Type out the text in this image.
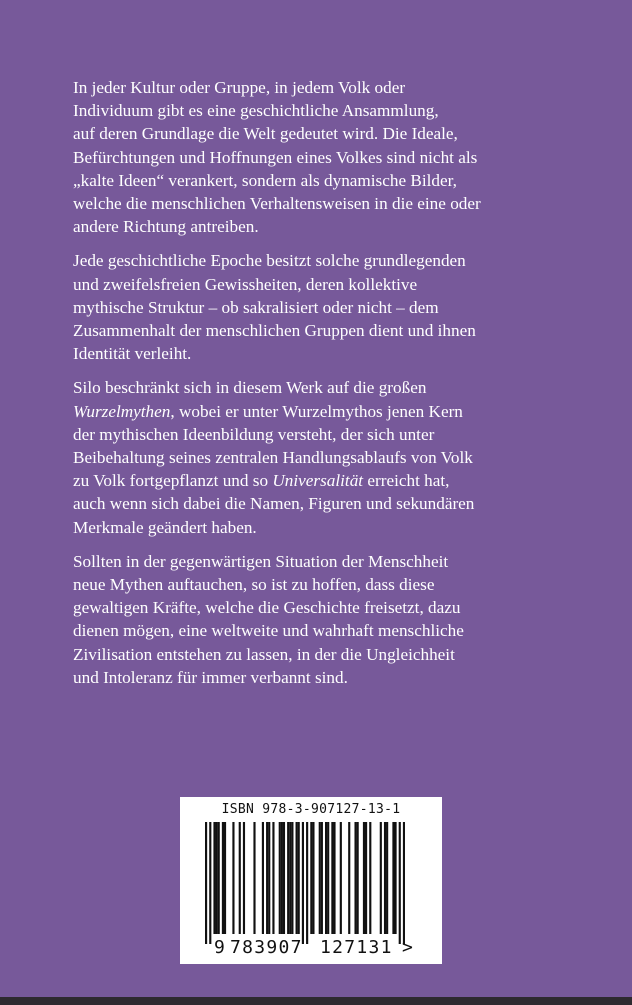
In jeder Kultur oder Gruppe, in jedem Volk oder
Individuum gibt es eine geschichtliche Ansammlung,
auf deren Grundlage die Welt gedeutet wird. Die Ideale,
Befürchtungen und Hoffnungen eines Volkes sind nicht als
„kalte Ideen“ verankert, sondern als dynamische Bilder,
welche die menschlichen Verhaltensweisen in die eine oder
andere Richtung antreiben.

Jede geschichtliche Epoche besitzt solche grundlegenden
und zweifelsfreien Gewissheiten, deren kollektive
mythische Struktur – ob sakralisiert oder nicht – dem
Zusammenhalt der menschlichen Gruppen dient und ihnen
Identität verleiht.

Silo beschränkt sich in diesem Werk auf die großen
Wurzelmythen, wobei er unter Wurzelmythos jenen Kern
der mythischen Ideenbildung versteht, der sich unter
Beibehaltung seines zentralen Handlungsablaufs von Volk
zu Volk fortgepflanzt und so Universalität erreicht hat,
auch wenn sich dabei die Namen, Figuren und sekundären
Merkmale geändert haben.

Sollten in der gegenwärtigen Situation der Menschheit
neue Mythen auftauchen, so ist zu hoffen, dass diese
gewaltigen Kräfte, welche die Geschichte freisetzt, dazu
dienen mögen, eine weltweite und wahrhaft menschliche
Zivilisation entstehen zu lassen, in der die Ungleichheit
und Intoleranz für immer verbannt sind.

ISBN 978-3-907127-13-1
9 783907 127131 >
